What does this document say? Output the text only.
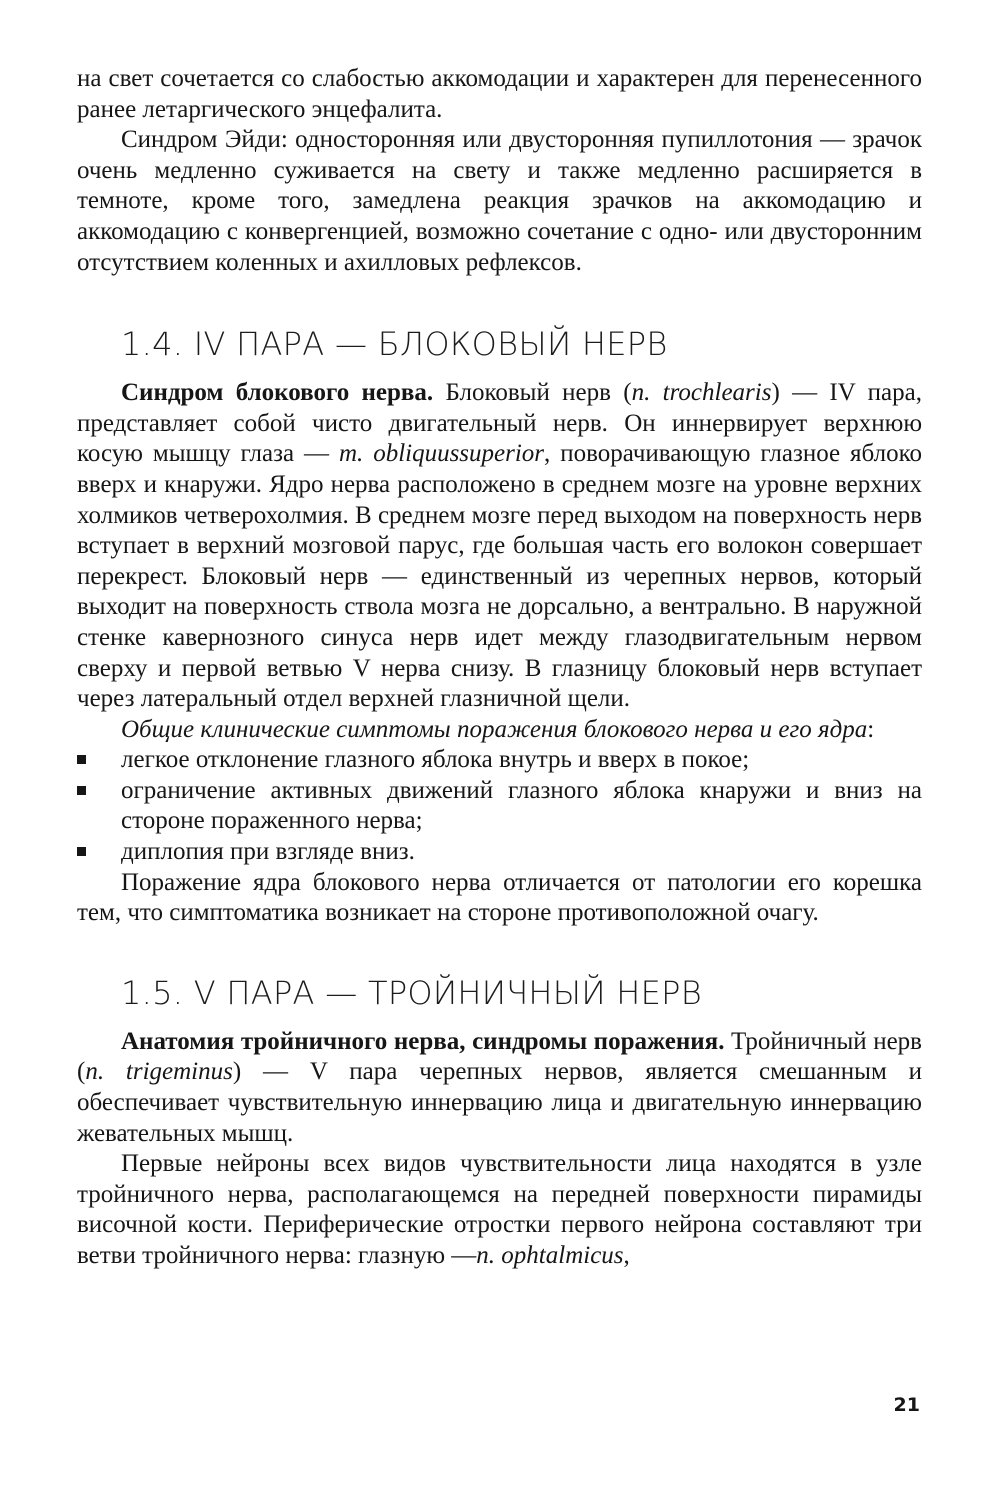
на свет сочетается со слабостью аккомодации и характерен для перенесенного ранее летаргического энцефалита.

Синдром Эйди: односторонняя или двусторонняя пупиллотония — зрачок очень медленно суживается на свету и также медленно расширяется в темноте, кроме того, замедлена реакция зрачков на аккомодацию и аккомодацию с конвергенцией, возможно сочетание с одно- или двусторонним отсутствием коленных и ахилловых рефлексов.

1.4. IV ПАРА — БЛОКОВЫЙ НЕРВ

Синдром блокового нерва. Блоковый нерв (n. trochlearis) — IV пара, представляет собой чисто двигательный нерв. Он иннервирует верхнюю косую мышцу глаза — m. obliquussuperior, поворачивающую глазное яблоко вверх и кнаружи. Ядро нерва расположено в среднем мозге на уровне верхних холмиков четверохолмия. В среднем мозге перед выходом на поверхность нерв вступает в верхний мозговой парус, где большая часть его волокон совершает перекрест. Блоковый нерв — единственный из черепных нервов, который выходит на поверхность ствола мозга не дорсально, а вентрально. В наружной стенке кавернозного синуса нерв идет между глазодвигательным нервом сверху и первой ветвью V нерва снизу. В глазницу блоковый нерв вступает через латеральный отдел верхней глазничной щели.

Общие клинические симптомы поражения блокового нерва и его ядра:

легкое отклонение глазного яблока внутрь и вверх в покое;
ограничение активных движений глазного яблока кнаружи и вниз на стороне пораженного нерва;
диплопия при взгляде вниз.

Поражение ядра блокового нерва отличается от патологии его корешка тем, что симптоматика возникает на стороне противоположной очагу.

1.5. V ПАРА — ТРОЙНИЧНЫЙ НЕРВ

Анатомия тройничного нерва, синдромы поражения. Тройничный нерв (n. trigeminus) — V пара черепных нервов, является смешанным и обеспечивает чувствительную иннервацию лица и двигательную иннервацию жевательных мышц.

Первые нейроны всех видов чувствительности лица находятся в узле тройничного нерва, располагающемся на передней поверхности пирамиды височной кости. Периферические отростки первого нейрона составляют три ветви тройничного нерва: глазную —n. ophtalmicus,

21
